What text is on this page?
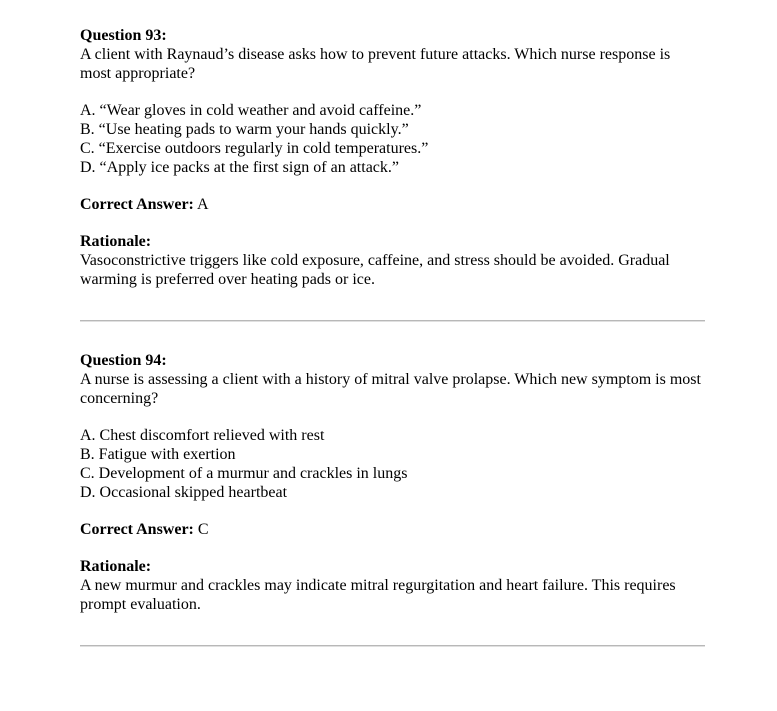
Question 93:
A client with Raynaud’s disease asks how to prevent future attacks. Which nurse response is most appropriate?
A. “Wear gloves in cold weather and avoid caffeine.”
B. “Use heating pads to warm your hands quickly.”
C. “Exercise outdoors regularly in cold temperatures.”
D. “Apply ice packs at the first sign of an attack.”
Correct Answer: A
Rationale:
Vasoconstrictive triggers like cold exposure, caffeine, and stress should be avoided. Gradual warming is preferred over heating pads or ice.
Question 94:
A nurse is assessing a client with a history of mitral valve prolapse. Which new symptom is most concerning?
A. Chest discomfort relieved with rest
B. Fatigue with exertion
C. Development of a murmur and crackles in lungs
D. Occasional skipped heartbeat
Correct Answer: C
Rationale:
A new murmur and crackles may indicate mitral regurgitation and heart failure. This requires prompt evaluation.
